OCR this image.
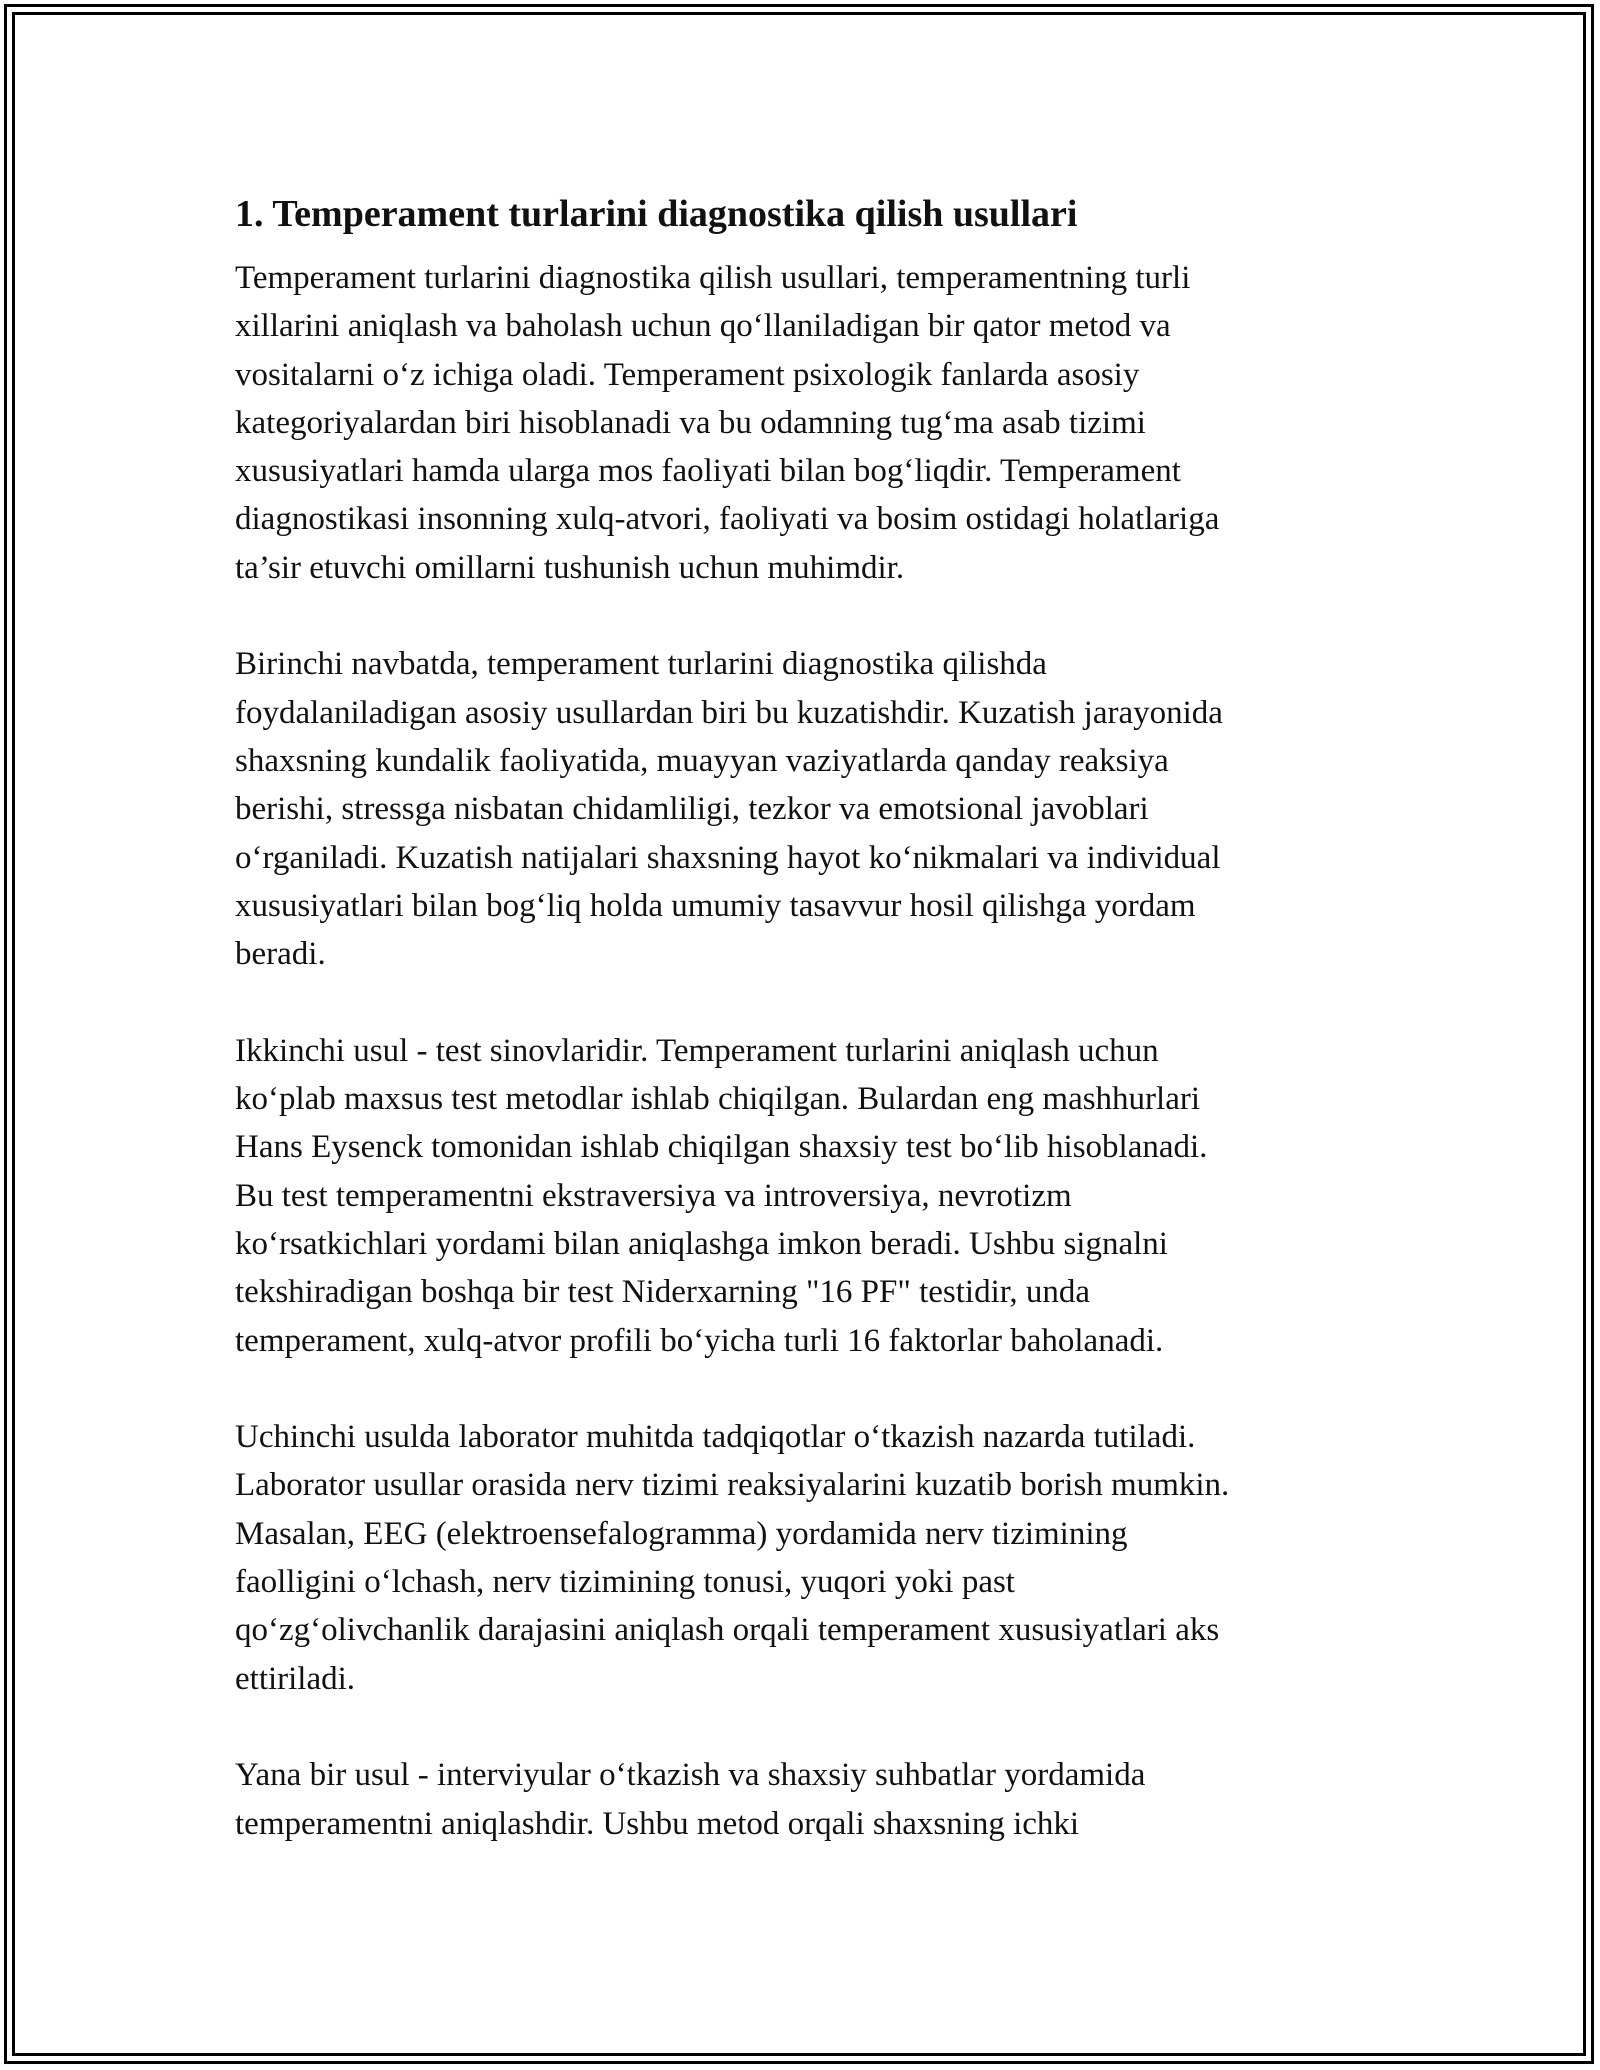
1. Temperament turlarini diagnostika qilish usullari
Temperament turlarini diagnostika qilish usullari, temperamentning turli
xillarini aniqlash va baholash uchun qo‘llaniladigan bir qator metod va
vositalarni o‘z ichiga oladi. Temperament psixologik fanlarda asosiy
kategoriyalardan biri hisoblanadi va bu odamning tug‘ma asab tizimi
xususiyatlari hamda ularga mos faoliyati bilan bog‘liqdir. Temperament
diagnostikasi insonning xulq-atvori, faoliyati va bosim ostidagi holatlariga
ta’sir etuvchi omillarni tushunish uchun muhimdir.
Birinchi navbatda, temperament turlarini diagnostika qilishda
foydalaniladigan asosiy usullardan biri bu kuzatishdir. Kuzatish jarayonida
shaxsning kundalik faoliyatida, muayyan vaziyatlarda qanday reaksiya
berishi, stressga nisbatan chidamliligi, tezkor va emotsional javoblari
o‘rganiladi. Kuzatish natijalari shaxsning hayot ko‘nikmalari va individual
xususiyatlari bilan bog‘liq holda umumiy tasavvur hosil qilishga yordam
beradi.
Ikkinchi usul - test sinovlaridir. Temperament turlarini aniqlash uchun
ko‘plab maxsus test metodlar ishlab chiqilgan. Bulardan eng mashhurlari
Hans Eysenck tomonidan ishlab chiqilgan shaxsiy test bo‘lib hisoblanadi.
Bu test temperamentni ekstraversiya va introversiya, nevrotizm
ko‘rsatkichlari yordami bilan aniqlashga imkon beradi. Ushbu signalni
tekshiradigan boshqa bir test Niderxarning "16 PF" testidir, unda
temperament, xulq-atvor profili bo‘yicha turli 16 faktorlar baholanadi.
Uchinchi usulda laborator muhitda tadqiqotlar o‘tkazish nazarda tutiladi.
Laborator usullar orasida nerv tizimi reaksiyalarini kuzatib borish mumkin.
Masalan, EEG (elektroensefalogramma) yordamida nerv tizimining
faolligini o‘lchash, nerv tizimining tonusi, yuqori yoki past
qo‘zg‘olivchanlik darajasini aniqlash orqali temperament xususiyatlari aks
ettiriladi.
Yana bir usul - interviyular o‘tkazish va shaxsiy suhbatlar yordamida
temperamentni aniqlashdir. Ushbu metod orqali shaxsning ichki
